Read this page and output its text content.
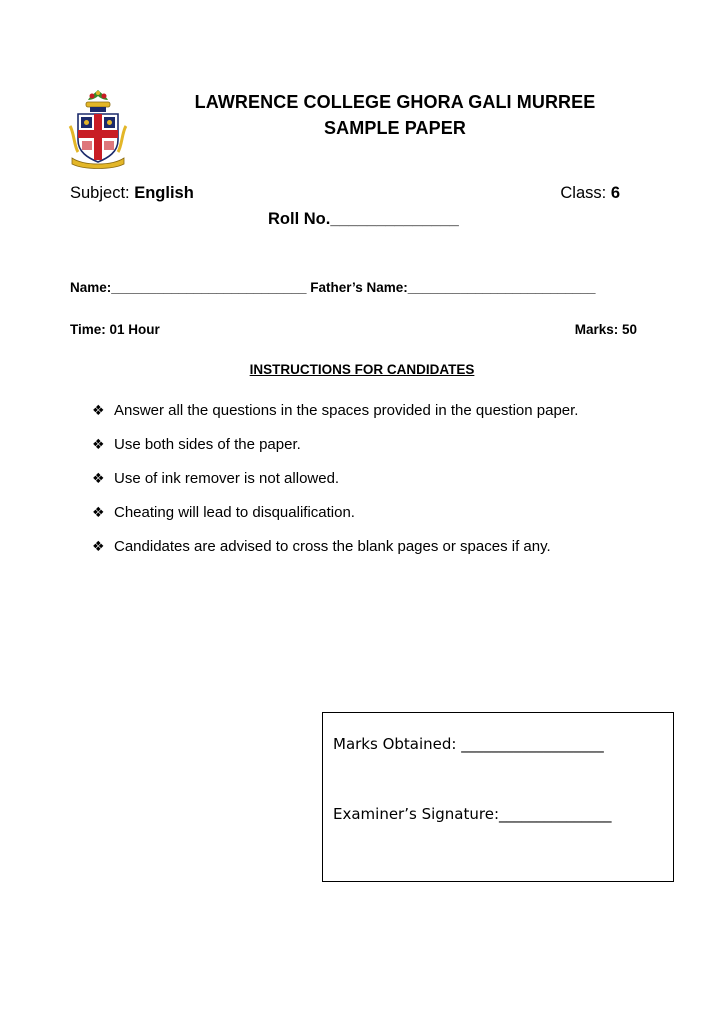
LAWRENCE COLLEGE GHORA GALI MURREE
SAMPLE PAPER
Subject: English	Class: 6
Roll No.______________
Name:__________________________ Father’s Name:_________________________
Time: 01 Hour	Marks: 50
INSTRUCTIONS FOR CANDIDATES
❖ Answer all the questions in the spaces provided in the question paper.
❖ Use both sides of the paper.
❖ Use of ink remover is not allowed.
❖ Cheating will lead to disqualification.
❖ Candidates are advised to cross the blank pages or spaces if any.
Marks Obtained: ___________________
Examiner’s Signature:_______________
